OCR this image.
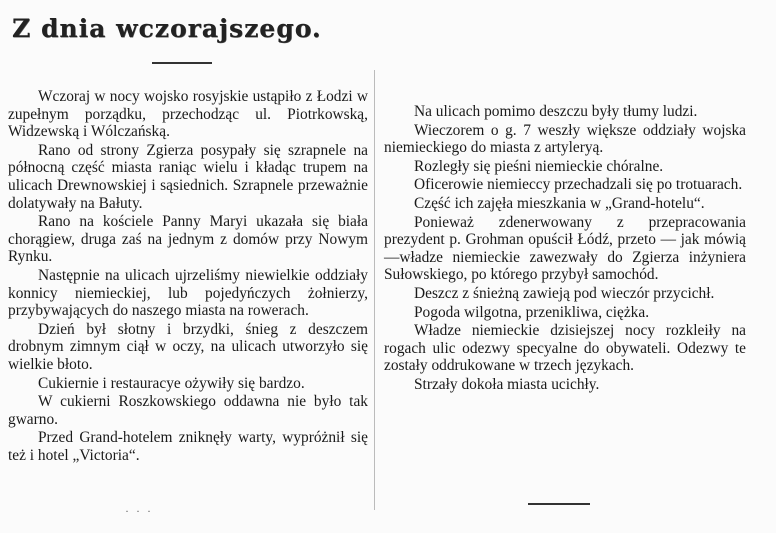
Z dnia wczorajszego.

Wczoraj w nocy wojsko rosyjskie ustąpiło z Łodzi w zupełnym porządku, przechodząc ul. Piotrkowską, Widzewską i Wólczańską.

Rano od strony Zgierza posypały się szrapnele na północną część miasta raniąc wielu i kładąc trupem na ulicach Drewnowskiej i sąsiednich. Szrapnele przeważnie dolatywały na Bałuty.

Rano na kościele Panny Maryi ukazała się biała chorągiew, druga zaś na jednym z domów przy Nowym Rynku.

Następnie na ulicach ujrzeliśmy niewielkie oddziały konnicy niemieckiej, lub pojedyńczych żołnierzy, przybywających do naszego miasta na rowerach.

Dzień był słotny i brzydki, śnieg z deszczem drobnym zimnym ciął w oczy, na ulicach utworzyło się wielkie błoto.

Cukiernie i restauracye ożywiły się bardzo.

W cukierni Roszkowskiego oddawna nie było tak gwarno.

Przed Grand-hotelem zniknęły warty, wypróżnił się też i hotel „Victoria“.

Na ulicach pomimo deszczu były tłumy ludzi.

Wieczorem o g. 7 weszły większe oddziały wojska niemieckiego do miasta z artyleryą.

Rozległy się pieśni niemieckie chóralne.

Oficerowie niemieccy przechadzali się po trotuarach.

Część ich zajęła mieszkania w „Grand-hotelu“.

Ponieważ zdenerwowany z przepracowania prezydent p. Grohman opuścił Łódź, przeto — jak mówią —władze niemieckie zawezwały do Zgierza inżyniera Sułowskiego, po którego przybył samochód.

Deszcz z śnieżną zawieją pod wieczór przycichł.

Pogoda wilgotna, przenikliwa, ciężka.

Władze niemieckie dzisiejszej nocy rozkleiły na rogach ulic odezwy specyalne do obywateli. Odezwy te zostały oddrukowane w trzech językach.

Strzały dokoła miasta ucichły.

· · ·
